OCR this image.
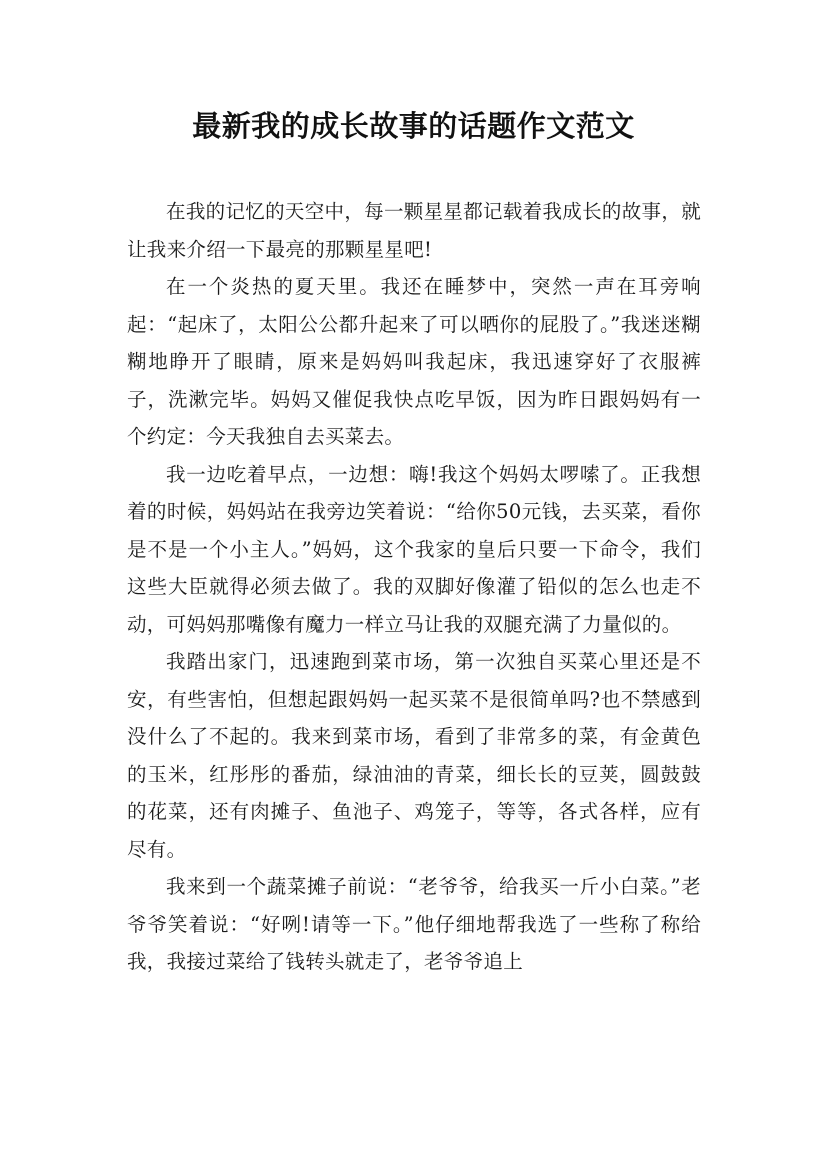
最新我的成长故事的话题作文范文

在我的记忆的天空中，每一颗星星都记载着我成长的故事，就让我来介绍一下最亮的那颗星星吧!

在一个炎热的夏天里。我还在睡梦中，突然一声在耳旁响起：“起床了，太阳公公都升起来了可以晒你的屁股了。”我迷迷糊糊地睁开了眼睛，原来是妈妈叫我起床，我迅速穿好了衣服裤子，洗漱完毕。妈妈又催促我快点吃早饭，因为昨日跟妈妈有一个约定：今天我独自去买菜去。

我一边吃着早点，一边想：嗨!我这个妈妈太啰嗦了。正我想着的时候，妈妈站在我旁边笑着说：“给你50元钱，去买菜，看你是不是一个小主人。”妈妈，这个我家的皇后只要一下命令，我们这些大臣就得必须去做了。我的双脚好像灌了铅似的怎么也走不动，可妈妈那嘴像有魔力一样立马让我的双腿充满了力量似的。

我踏出家门，迅速跑到菜市场，第一次独自买菜心里还是不安，有些害怕，但想起跟妈妈一起买菜不是很简单吗?也不禁感到没什么了不起的。我来到菜市场，看到了非常多的菜，有金黄色的玉米，红彤彤的番茄，绿油油的青菜，细长长的豆荚，圆鼓鼓的花菜，还有肉摊子、鱼池子、鸡笼子，等等，各式各样，应有尽有。

我来到一个蔬菜摊子前说：“老爷爷，给我买一斤小白菜。”老爷爷笑着说：“好咧!请等一下。”他仔细地帮我选了一些称了称给我，我接过菜给了钱转头就走了，老爷爷追上
